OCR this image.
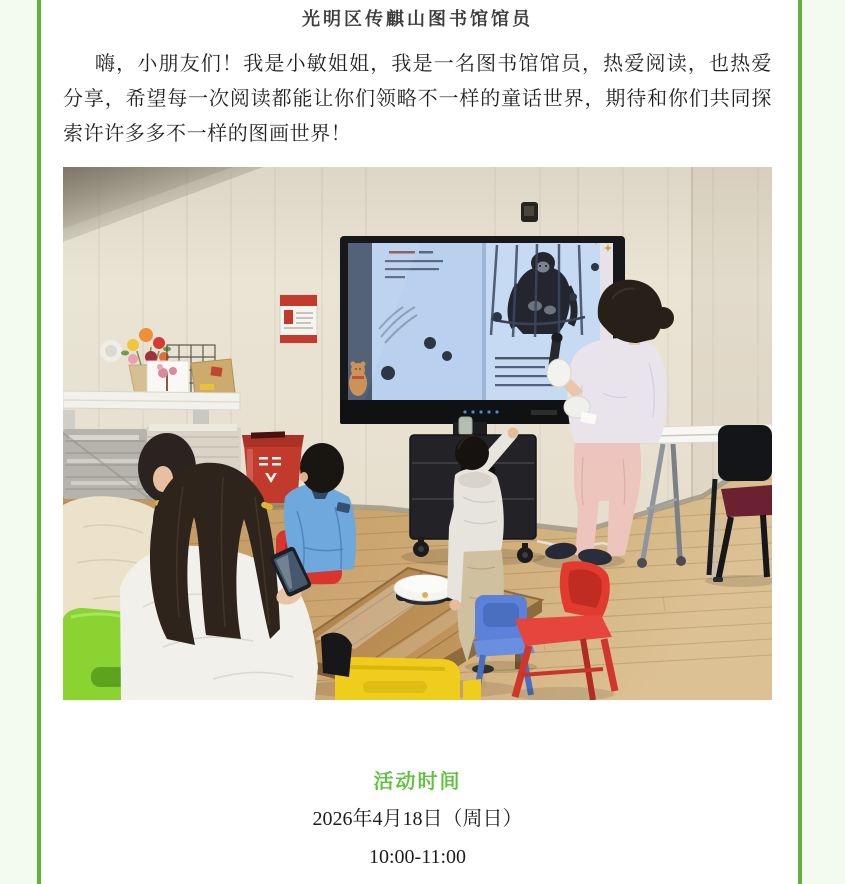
光明区传麒山图书馆馆员

嗨，小朋友们！我是小敏姐姐，我是一名图书馆馆员，热爱阅读，也热爱分享，希望每一次阅读都能让你们领略不一样的童话世界，期待和你们共同探索许许多多不一样的图画世界！

活动时间
2026年4月18日（周日）
10:00-11:00
